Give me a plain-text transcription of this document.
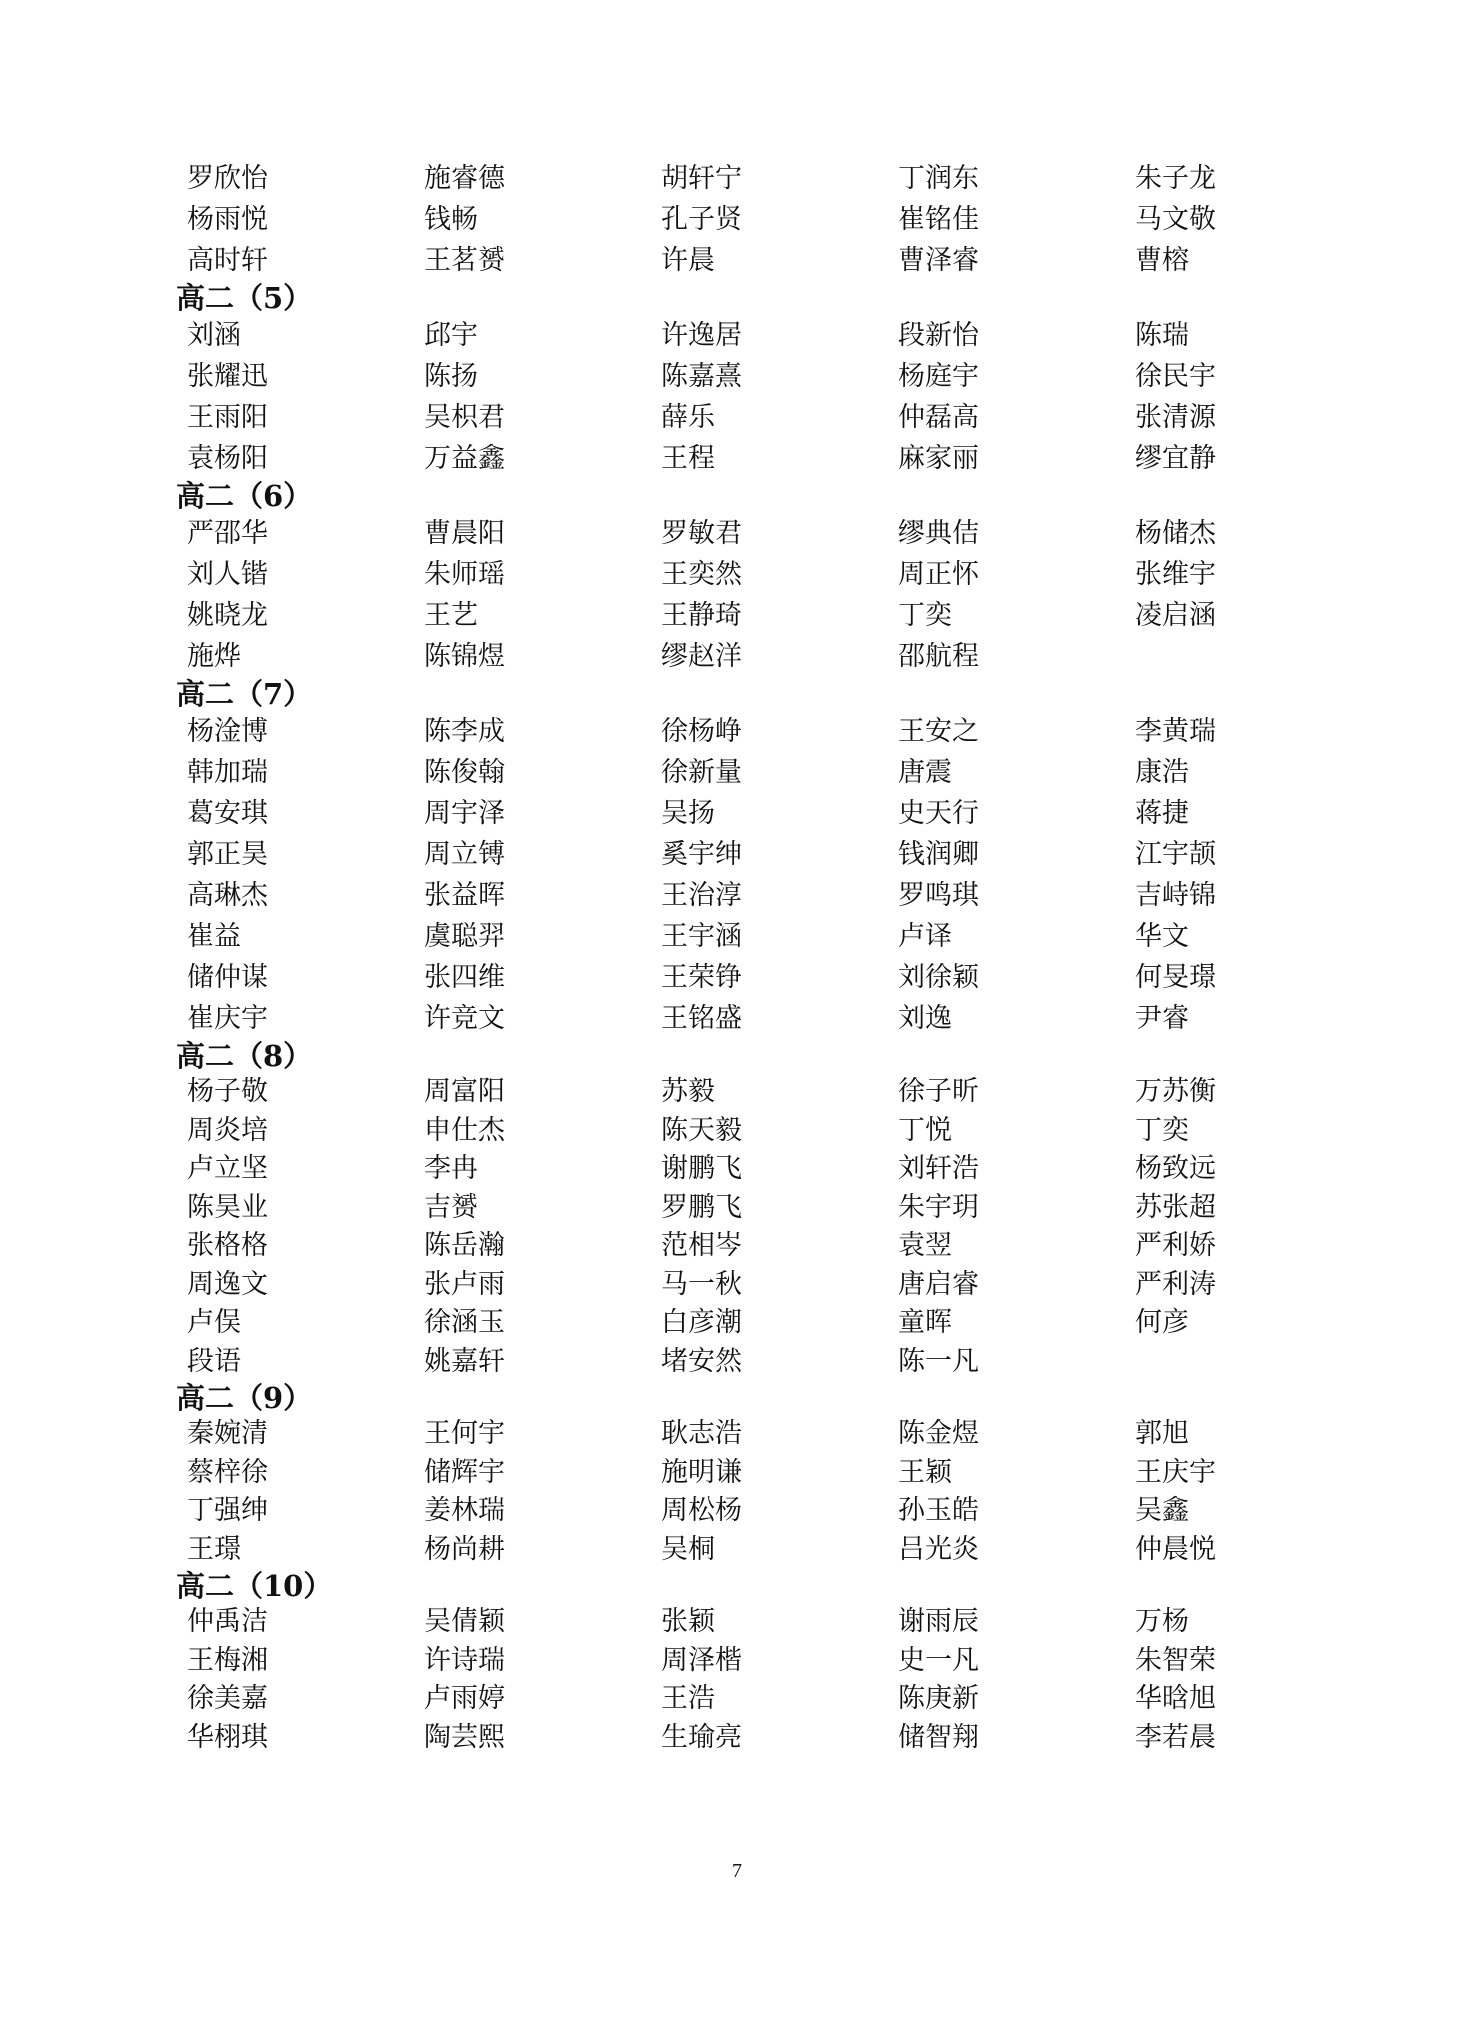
罗欣怡	施睿德	胡轩宁	丁润东	朱子龙
杨雨悦	钱畅	孔子贤	崔铭佳	马文敬
高时轩	王茗赟	许晨	曹泽睿	曹榕
高二（5）
刘涵	邱宇	许逸居	段新怡	陈瑞
张耀迅	陈扬	陈嘉熹	杨庭宇	徐民宇
王雨阳	吴枳君	薛乐	仲磊高	张清源
袁杨阳	万益鑫	王程	麻家丽	缪宜静
高二（6）
严邵华	曹晨阳	罗敏君	缪典佶	杨储杰
刘人锴	朱师瑶	王奕然	周正怀	张维宇
姚晓龙	王艺	王静琦	丁奕	凌启涵
施烨	陈锦煜	缪赵洋	邵航程
高二（7）
杨淦博	陈李成	徐杨峥	王安之	李黄瑞
韩加瑞	陈俊翰	徐新量	唐震	康浩
葛安琪	周宇泽	吴扬	史天行	蒋捷
郭正昊	周立镈	奚宇绅	钱润卿	江宇颉
高琳杰	张益晖	王治淳	罗鸣琪	吉峙锦
崔益	虞聪羿	王宇涵	卢译	华文
储仲谋	张四维	王荣铮	刘徐颖	何旻璟
崔庆宇	许竞文	王铭盛	刘逸	尹睿
高二（8）
杨子敬	周富阳	苏毅	徐子昕	万苏衡
周炎培	申仕杰	陈天毅	丁悦	丁奕
卢立坚	李冉	谢鹏飞	刘轩浩	杨致远
陈昊业	吉赟	罗鹏飞	朱宇玥	苏张超
张格格	陈岳瀚	范相岑	袁翌	严利娇
周逸文	张卢雨	马一秋	唐启睿	严利涛
卢俣	徐涵玉	白彦潮	童晖	何彦
段语	姚嘉轩	堵安然	陈一凡
高二（9）
秦婉清	王何宇	耿志浩	陈金煜	郭旭
蔡梓徐	储辉宇	施明谦	王颖	王庆宇
丁强绅	姜林瑞	周松杨	孙玉皓	吴鑫
王璟	杨尚耕	吴桐	吕光炎	仲晨悦
高二（10）
仲禹洁	吴倩颖	张颖	谢雨辰	万杨
王梅湘	许诗瑞	周泽楷	史一凡	朱智荣
徐美嘉	卢雨婷	王浩	陈庚新	华晗旭
华栩琪	陶芸熙	生瑜亮	储智翔	李若晨
7
